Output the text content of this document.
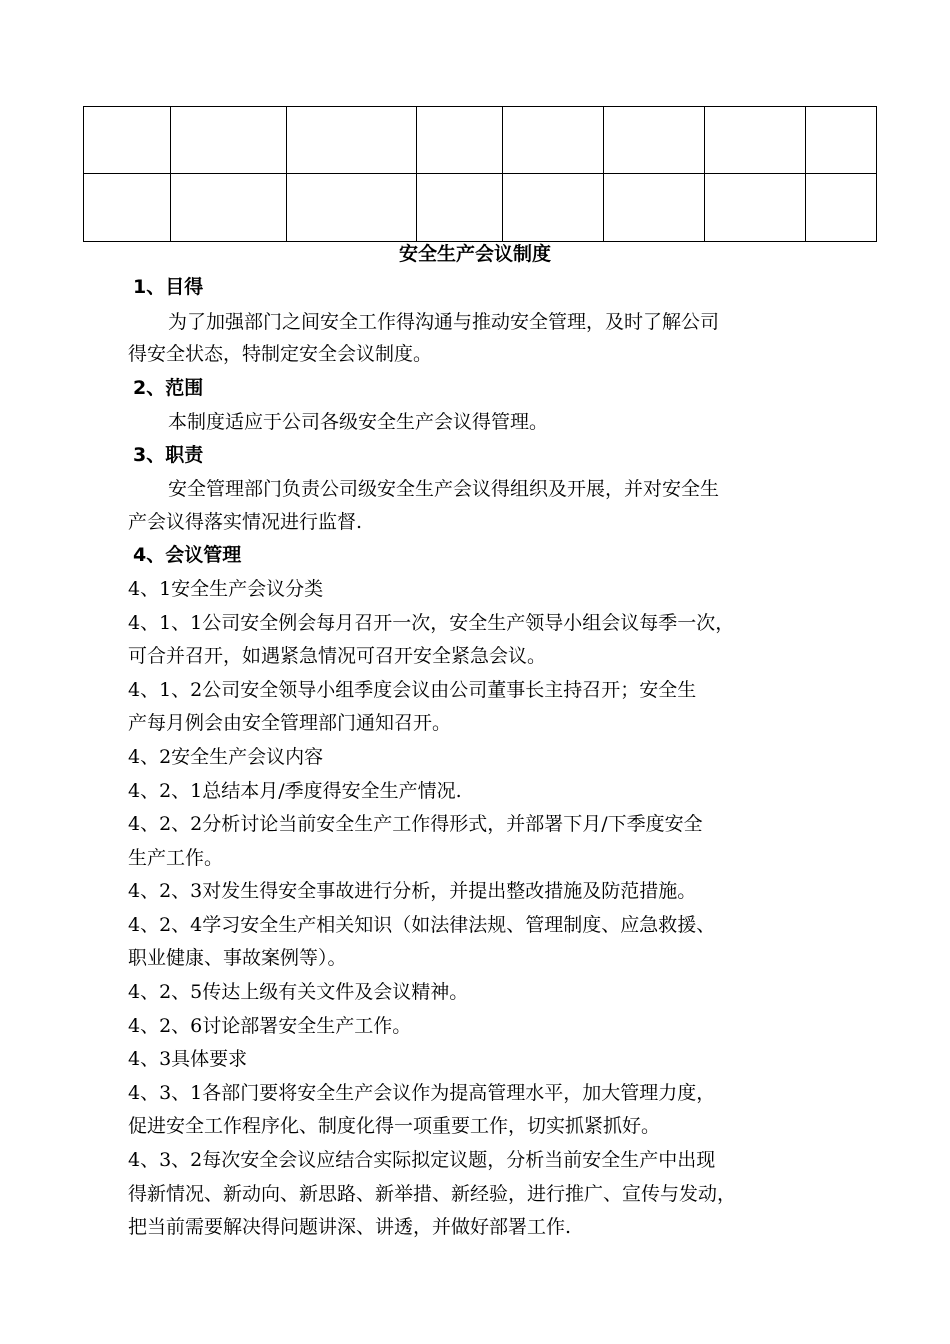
安全生产会议制度
1、目得
为了加强部门之间安全工作得沟通与推动安全管理，及时了解公司
得安全状态，特制定安全会议制度。
2、范围
本制度适应于公司各级安全生产会议得管理。
3、职责
安全管理部门负责公司级安全生产会议得组织及开展，并对安全生
产会议得落实情况进行监督.
4、会议管理
4、1安全生产会议分类
4、1、1公司安全例会每月召开一次，安全生产领导小组会议每季一次，
可合并召开，如遇紧急情况可召开安全紧急会议。
4、1、2公司安全领导小组季度会议由公司董事长主持召开；安全生
产每月例会由安全管理部门通知召开。
4、2安全生产会议内容
4、2、1总结本月/季度得安全生产情况.
4、2、2分析讨论当前安全生产工作得形式，并部署下月/下季度安全
生产工作。
4、2、3对发生得安全事故进行分析，并提出整改措施及防范措施。
4、2、4学习安全生产相关知识（如法律法规、管理制度、应急救援、
职业健康、事故案例等）。
4、2、5传达上级有关文件及会议精神。
4、2、6讨论部署安全生产工作。
4、3具体要求
4、3、1各部门要将安全生产会议作为提高管理水平，加大管理力度，
促进安全工作程序化、制度化得一项重要工作，切实抓紧抓好。
4、3、2每次安全会议应结合实际拟定议题，分析当前安全生产中出现
得新情况、新动向、新思路、新举措、新经验，进行推广、宣传与发动，
把当前需要解决得问题讲深、讲透，并做好部署工作.
